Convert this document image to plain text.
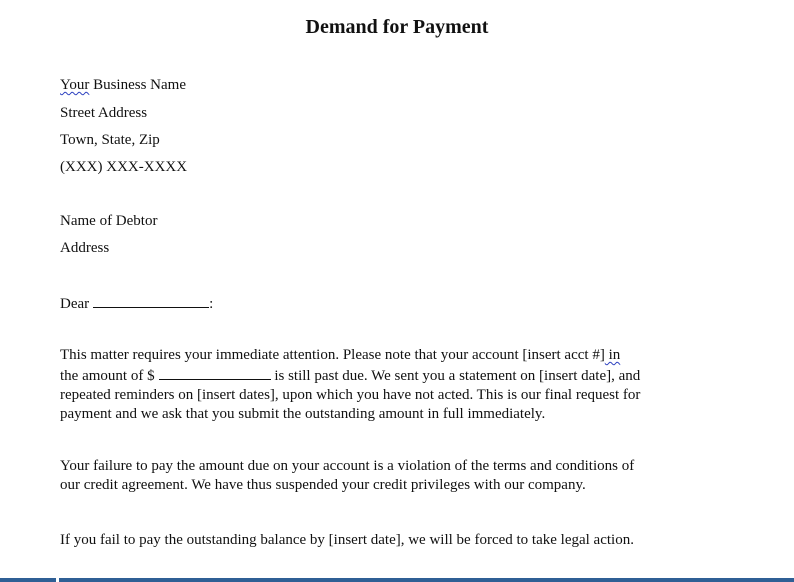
Demand for Payment
Your Business Name
Street Address
Town, State, Zip
(XXX) XXX-XXXX
Name of Debtor
Address
Dear	:
This matter requires your immediate attention. Please note that your account [insert acct #] in
the amount of $	is still past due. We sent you a statement on [insert date], and
repeated reminders on [insert dates], upon which you have not acted. This is our final request for
payment and we ask that you submit the outstanding amount in full immediately.
Your failure to pay the amount due on your account is a violation of the terms and conditions of
our credit agreement. We have thus suspended your credit privileges with our company.
If you fail to pay the outstanding balance by [insert date], we will be forced to take legal action.
